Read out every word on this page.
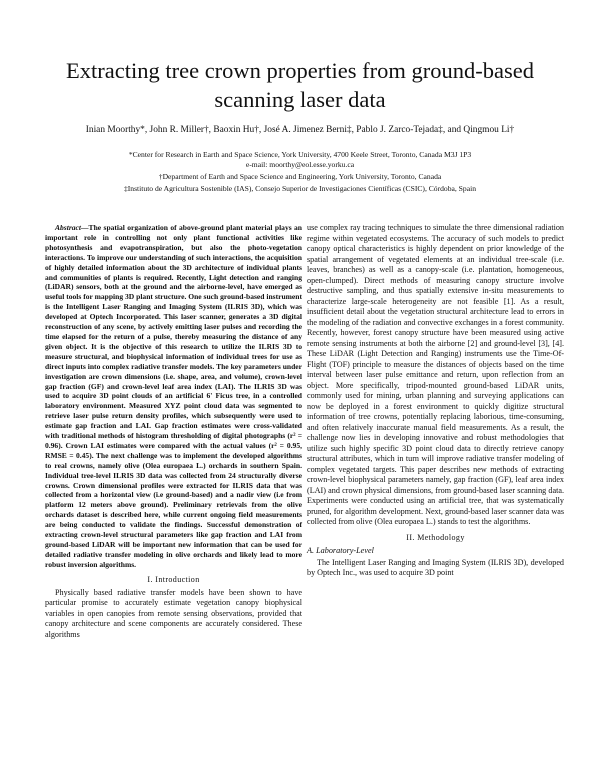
Extracting tree crown properties from ground-based
scanning laser data
Inian Moorthy*, John R. Miller†, Baoxin Hu†, José A. Jimenez Berni‡, Pablo J. Zarco-Tejada‡, and Qingmou Li†
*Center for Research in Earth and Space Science, York University, 4700 Keele Street, Toronto, Canada M3J 1P3
e-mail: moorthy@eol.esse.yorku.ca
†Department of Earth and Space Science and Engineering, York University, Toronto, Canada
‡Instituto de Agricultura Sostenible (IAS), Consejo Superior de Investigaciones Científicas (CSIC), Córdoba, Spain

Abstract—The spatial organization of above-ground plant material plays an important role in controlling not only plant functional activities like photosynthesis and evapotranspiration, but also the photo-vegetation interactions. To improve our understanding of such interactions, the acquisition of highly detailed information about the 3D architecture of individual plants and communities of plants is required. Recently, Light detection and ranging (LiDAR) sensors, both at the ground and the airborne-level, have emerged as useful tools for mapping 3D plant structure. One such ground-based instrument is the Intelligent Laser Ranging and Imaging System (ILRIS 3D), which was developed at Optech Incorporated. This laser scanner, generates a 3D digital reconstruction of any scene, by actively emitting laser pulses and recording the time elapsed for the return of a pulse, thereby measuring the distance of any given object. It is the objective of this research to utilize the ILRIS 3D to measure structural, and biophysical information of individual trees for use as direct inputs into complex radiative transfer models. The key parameters under investigation are crown dimensions (i.e. shape, area, and volume), crown-level gap fraction (GF) and crown-level leaf area index (LAI). The ILRIS 3D was used to acquire 3D point clouds of an artificial 6' Ficus tree, in a controlled laboratory environment. Measured XYZ point cloud data was segmented to retrieve laser pulse return density profiles, which subsequently were used to estimate gap fraction and LAI. Gap fraction estimates were cross-validated with traditional methods of histogram thresholding of digital photographs (r² = 0.96). Crown LAI estimates were compared with the actual values (r² = 0.95, RMSE = 0.45). The next challenge was to implement the developed algorithms to real crowns, namely olive (Olea europaea L.) orchards in southern Spain. Individual tree-level ILRIS 3D data was collected from 24 structurally diverse crowns. Crown dimensional profiles were extracted for ILRIS data that was collected from a horizontal view (i.e ground-based) and a nadir view (i.e from platform 12 meters above ground). Preliminary retrievals from the olive orchards dataset is described here, while current ongoing field measurements are being conducted to validate the findings. Successful demonstration of extracting crown-level structural parameters like gap fraction and LAI from ground-based LiDAR will be important new information that can be used for detailed radiative transfer modeling in olive orchards and likely lead to more robust inversion algorithms.

I. Introduction

Physically based radiative transfer models have been shown to have particular promise to accurately estimate vegetation canopy biophysical variables in open canopies from remote sensing observations, provided that canopy architecture and scene components are accurately considered. These algorithms

use complex ray tracing techniques to simulate the three dimensional radiation regime within vegetated ecosystems. The accuracy of such models to predict canopy optical characteristics is highly dependent on prior knowledge of the spatial arrangement of vegetated elements at an individual tree-scale (i.e. leaves, branches) as well as a canopy-scale (i.e. plantation, homogeneous, open-clumped). Direct methods of measuring canopy structure involve destructive sampling, and thus spatially extensive in-situ measurements to characterize large-scale heterogeneity are not feasible [1]. As a result, insufficient detail about the vegetation structural architecture lead to errors in the modeling of the radiation and convective exchanges in a forest community. Recently, however, forest canopy structure have been measured using active remote sensing instruments at both the airborne [2] and ground-level [3], [4]. These LiDAR (Light Detection and Ranging) instruments use the Time-Of-Flight (TOF) principle to measure the distances of objects based on the time interval between laser pulse emittance and return, upon reflection from an object. More specifically, tripod-mounted ground-based LiDAR units, commonly used for mining, urban planning and surveying applications can now be deployed in a forest environment to quickly digitize structural information of tree crowns, potentially replacing laborious, time-consuming, and often relatively inaccurate manual field measurements. As a result, the challenge now lies in developing innovative and robust methodologies that utilize such highly specific 3D point cloud data to directly retrieve canopy structural attributes, which in turn will improve radiative transfer modeling of complex vegetated targets. This paper describes new methods of extracting crown-level biophysical parameters namely, gap fraction (GF), leaf area index (LAI) and crown physical dimensions, from ground-based laser scanning data. Experiments were conducted using an artificial tree, that was systematically pruned, for algorithm development. Next, ground-based laser scanner data was collected from olive (Olea europaea L.) stands to test the algorithms.

II. Methodology
A. Laboratory-Level

The Intelligent Laser Ranging and Imaging System (ILRIS 3D), developed by Optech Inc., was used to acquire 3D point
